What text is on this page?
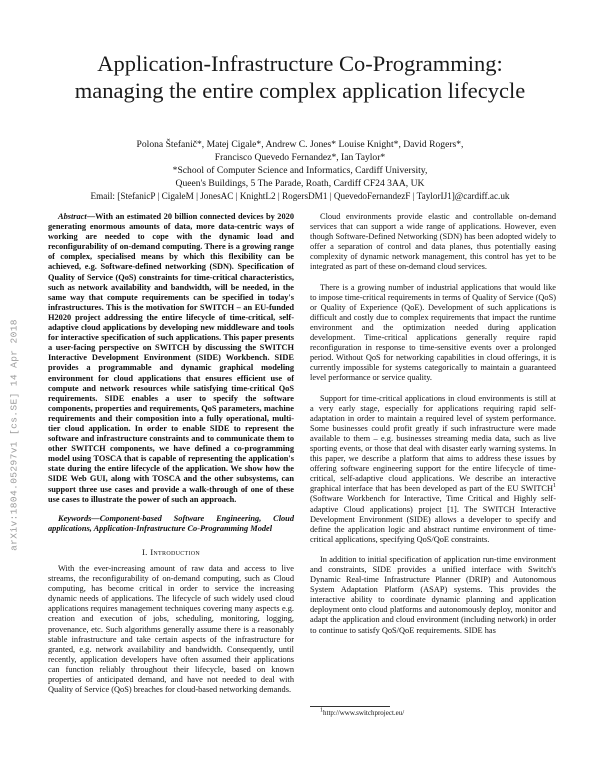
Application-Infrastructure Co-Programming:
managing the entire complex application lifecycle
Polona Štefanič*, Matej Cigale*, Andrew C. Jones* Louise Knight*, David Rogers*,
Francisco Quevedo Fernandez*, Ian Taylor*
*School of Computer Science and Informatics, Cardiff University,
Queen's Buildings, 5 The Parade, Roath, Cardiff CF24 3AA, UK
Email: [StefanicP | CigaleM | JonesAC | KnightL2 | RogersDM1 | QuevedoFernandezF | TaylorIJ1]@cardiff.ac.uk
arXiv:1804.05297v1 [cs.SE] 14 Apr 2018

Abstract—With an estimated 20 billion connected devices by 2020 generating enormous amounts of data, more data-centric ways of working are needed to cope with the dynamic load and reconfigurability of on-demand computing. There is a growing range of complex, specialised means by which this flexibility can be achieved, e.g. Software-defined networking (SDN). Specification of Quality of Service (QoS) constraints for time-critical characteristics, such as network availability and bandwidth, will be needed, in the same way that compute requirements can be specified in today's infrastructures. This is the motivation for SWITCH – an EU-funded H2020 project addressing the entire lifecycle of time-critical, self-adaptive cloud applications by developing new middleware and tools for interactive specification of such applications. This paper presents a user-facing perspective on SWITCH by discussing the SWITCH Interactive Development Environment (SIDE) Workbench. SIDE provides a programmable and dynamic graphical modeling environment for cloud applications that ensures efficient use of compute and network resources while satisfying time-critical QoS requirements. SIDE enables a user to specify the software components, properties and requirements, QoS parameters, machine requirements and their composition into a fully operational, multi-tier cloud application. In order to enable SIDE to represent the software and infrastructure constraints and to communicate them to other SWITCH components, we have defined a co-programming model using TOSCA that is capable of representing the application's state during the entire lifecycle of the application. We show how the SIDE Web GUI, along with TOSCA and the other subsystems, can support three use cases and provide a walk-through of one of these use cases to illustrate the power of such an approach.

Keywords—Component-based Software Engineering, Cloud applications, Application-Infrastructure Co-Programming Model

I. Introduction

With the ever-increasing amount of raw data and access to live streams, the reconfigurability of on-demand computing, such as Cloud computing, has become critical in order to service the increasing dynamic needs of applications. The lifecycle of such widely used cloud applications requires management techniques covering many aspects e.g. creation and execution of jobs, scheduling, monitoring, logging, provenance, etc. Such algorithms generally assume there is a reasonably stable infrastructure and take certain aspects of the infrastructure for granted, e.g. network availability and bandwidth. Consequently, until recently, application developers have often assumed their applications can function reliably throughout their lifecycle, based on known properties of anticipated demand, and have not needed to deal with Quality of Service (QoS) breaches for cloud-based networking demands.

Cloud environments provide elastic and controllable on-demand services that can support a wide range of applications. However, even though Software-Defined Networking (SDN) has been adopted widely to offer a separation of control and data planes, thus potentially easing complexity of dynamic network management, this control has yet to be integrated as part of these on-demand cloud services.

There is a growing number of industrial applications that would like to impose time-critical requirements in terms of Quality of Service (QoS) or Quality of Experience (QoE). Development of such applications is difficult and costly due to complex requirements that impact the runtime environment and the optimization needed during application development. Time-critical applications generally require rapid reconfiguration in response to time-sensitive events over a prolonged period. Without QoS for networking capabilities in cloud offerings, it is currently impossible for systems categorically to maintain a guaranteed level performance or service quality.

Support for time-critical applications in cloud environments is still at a very early stage, especially for applications requiring rapid self-adaptation in order to maintain a required level of system performance. Some businesses could profit greatly if such infrastructure were made available to them – e.g. businesses streaming media data, such as live sporting events, or those that deal with disaster early warning systems. In this paper, we describe a platform that aims to address these issues by offering software engineering support for the entire lifecycle of time-critical, self-adaptive cloud applications. We describe an interactive graphical interface that has been developed as part of the EU SWITCH$^1$ (Software Workbench for Interactive, Time Critical and Highly self-adaptive Cloud applications) project [1]. The SWITCH Interactive Development Environment (SIDE) allows a developer to specify and define the application logic and abstract runtime environment of time-critical applications, specifying QoS/QoE constraints.

In addition to initial specification of application run-time environment and constraints, SIDE provides a unified interface with Switch's Dynamic Real-time Infrastructure Planner (DRIP) and Autonomous System Adaptation Platform (ASAP) systems. This provides the interactive ability to coordinate dynamic planning and application deployment onto cloud platforms and autonomously deploy, monitor and adapt the application and cloud environment (including network) in order to continue to satisfy QoS/QoE requirements. SIDE has

$^1$http://www.switchproject.eu/
